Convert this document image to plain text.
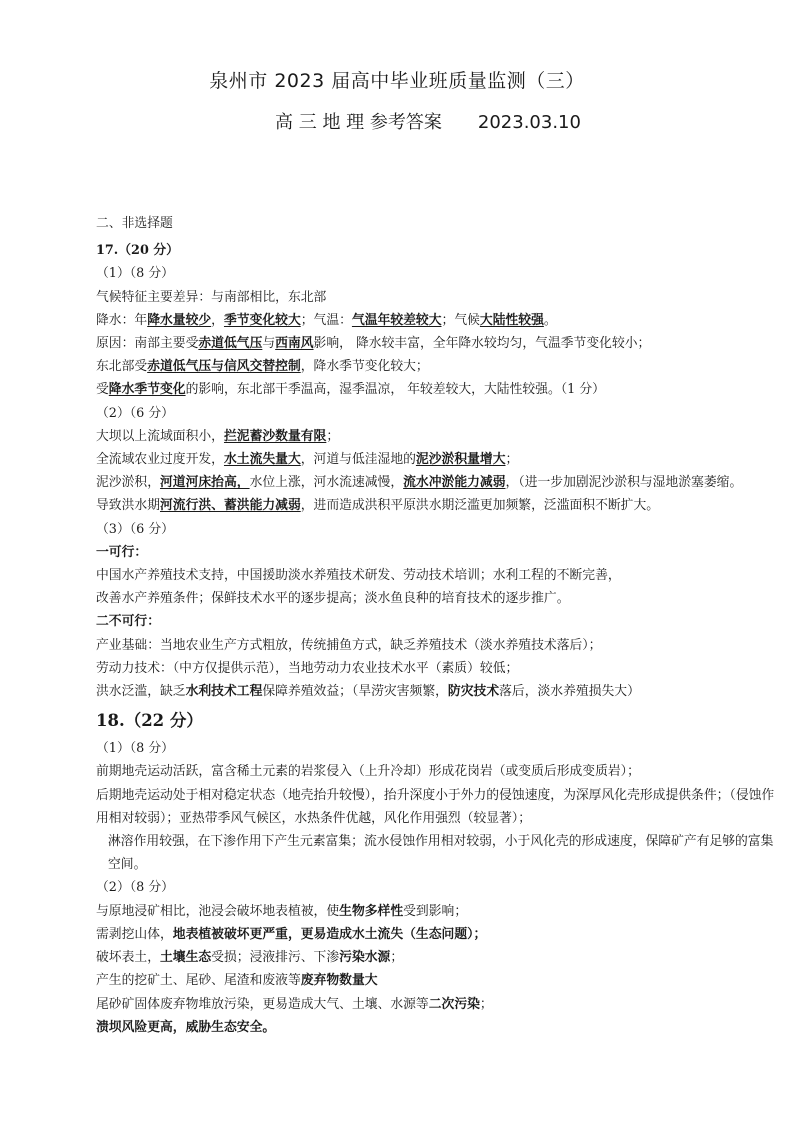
泉州市 2023 届高中毕业班质量监测（三）
高 三 地 理 参考答案 2023.03.10
二、非选择题
17.（20 分）
（1）（8 分）
气候特征主要差异：与南部相比，东北部
降水：年降水量较少，季节变化较大；气温：气温年较差较大；气候大陆性较强。
原因：南部主要受赤道低气压与西南风影响， 降水较丰富，全年降水较均匀，气温季节变化较小；
东北部受赤道低气压与信风交替控制，降水季节变化较大；
受降水季节变化的影响，东北部干季温高，湿季温凉， 年较差较大，大陆性较强。（1 分）
（2）（6 分）
大坝以上流域面积小，拦泥蓄沙数量有限；
全流域农业过度开发，水土流失量大，河道与低洼湿地的泥沙淤积量增大；
泥沙淤积，河道河床抬高，水位上涨，河水流速减慢，流水冲淤能力减弱，（进一步加剧泥沙淤积与湿地淤塞萎缩。
导致洪水期河流行洪、蓄洪能力减弱，进而造成洪积平原洪水期泛滥更加频繁，泛滥面积不断扩大。
（3）（6 分）
一可行：
中国水产养殖技术支持，中国援助淡水养殖技术研发、劳动技术培训；水利工程的不断完善，
改善水产养殖条件；保鲜技术水平的逐步提高；淡水鱼良种的培育技术的逐步推广。
二不可行：
产业基础：当地农业生产方式粗放，传统捕鱼方式，缺乏养殖技术（淡水养殖技术落后）；
劳动力技术：（中方仅提供示范），当地劳动力农业技术水平（素质）较低；
洪水泛滥，缺乏水利技术工程保障养殖效益；（旱涝灾害频繁，防灾技术落后，淡水养殖损失大）
18.（22 分）
（1）（8 分）
前期地壳运动活跃，富含稀土元素的岩浆侵入（上升冷却）形成花岗岩（或变质后形成变质岩）；
后期地壳运动处于相对稳定状态（地壳抬升较慢），抬升深度小于外力的侵蚀速度，为深厚风化壳形成提供条件；（侵蚀作用相对较弱）；亚热带季风气候区，水热条件优越，风化作用强烈（较显著）；
淋溶作用较强，在下渗作用下产生元素富集；流水侵蚀作用相对较弱，小于风化壳的形成速度，保障矿产有足够的富集空间。
（2）（8 分）
与原地浸矿相比，池浸会破坏地表植被，使生物多样性受到影响；
需剥挖山体，地表植被破坏更严重，更易造成水土流失（生态问题）；
破坏表土，土壤生态受损；浸液排污、下渗污染水源；
产生的挖矿土、尾砂、尾渣和废液等废弃物数量大
尾砂矿固体废弃物堆放污染，更易造成大气、土壤、水源等二次污染；
溃坝风险更高，威胁生态安全。
